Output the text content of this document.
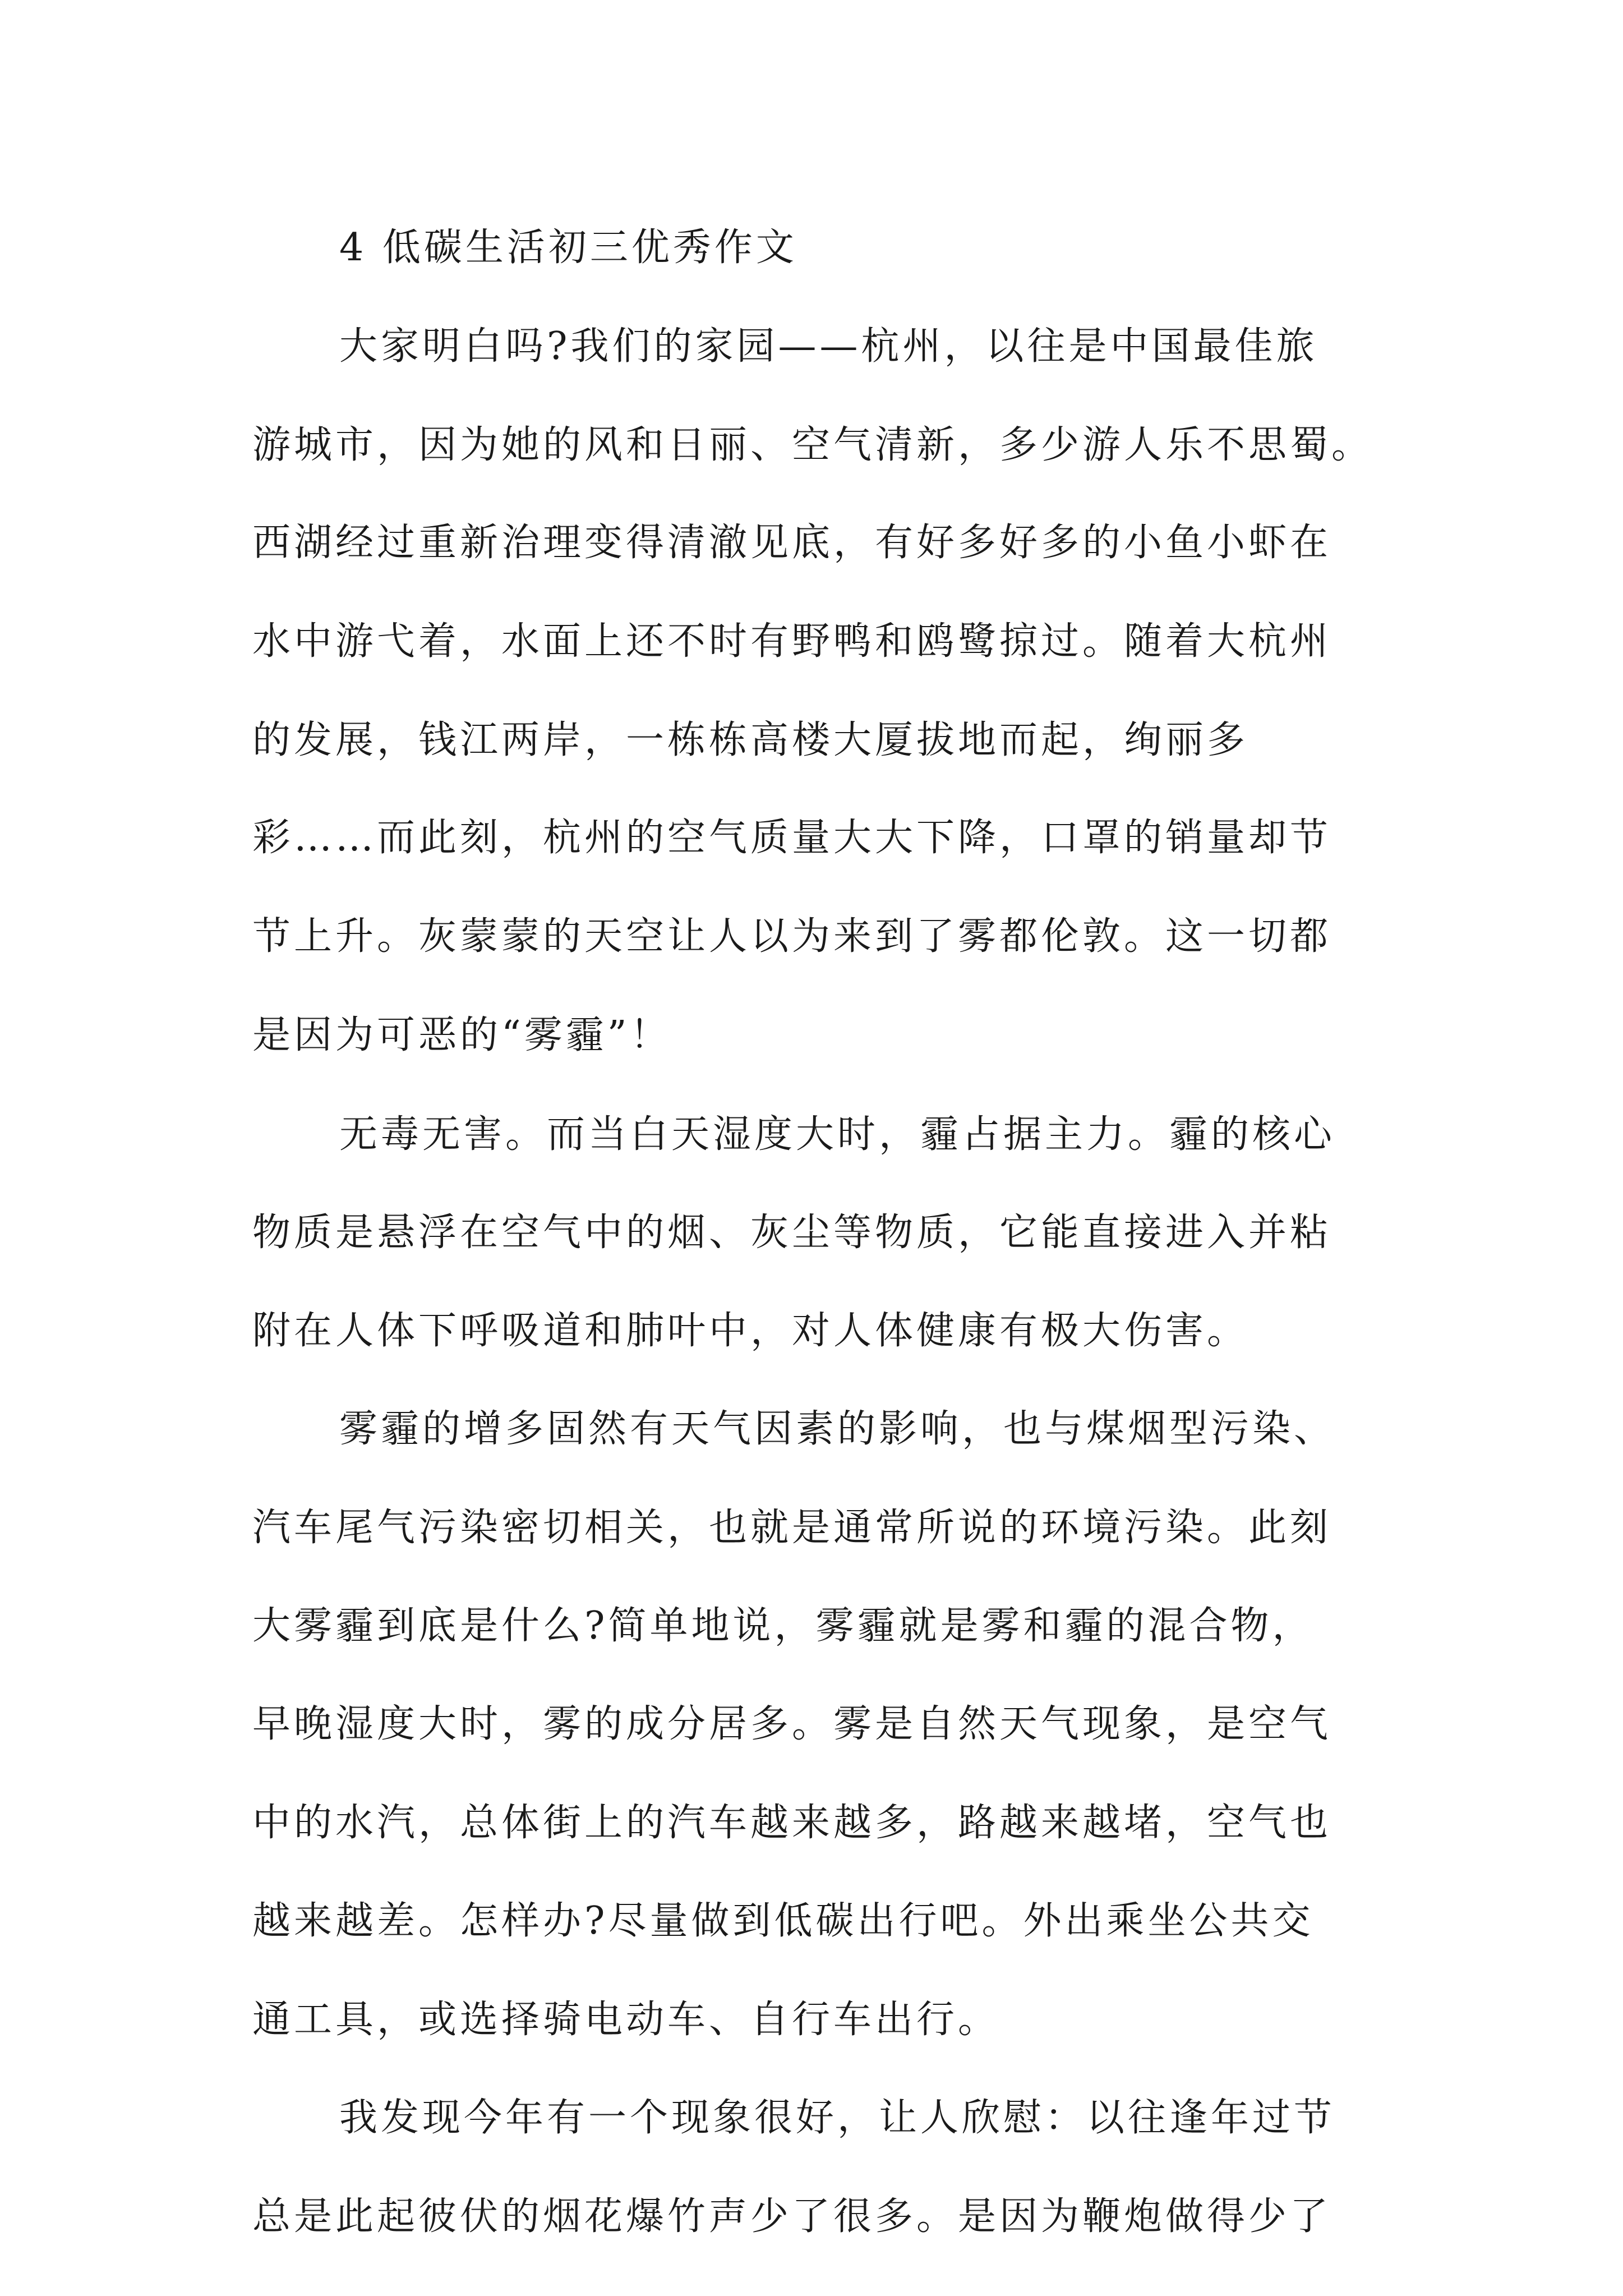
4 低碳生活初三优秀作文
大家明白吗?我们的家园——杭州，以往是中国最佳旅
游城市，因为她的风和日丽、空气清新，多少游人乐不思蜀。
西湖经过重新治理变得清澈见底，有好多好多的小鱼小虾在
水中游弋着，水面上还不时有野鸭和鸥鹭掠过。随着大杭州
的发展，钱江两岸，一栋栋高楼大厦拔地而起，绚丽多
彩……而此刻，杭州的空气质量大大下降，口罩的销量却节
节上升。灰蒙蒙的天空让人以为来到了雾都伦敦。这一切都
是因为可恶的“雾霾”！
无毒无害。而当白天湿度大时，霾占据主力。霾的核心
物质是悬浮在空气中的烟、灰尘等物质，它能直接进入并粘
附在人体下呼吸道和肺叶中，对人体健康有极大伤害。
雾霾的增多固然有天气因素的影响，也与煤烟型污染、
汽车尾气污染密切相关，也就是通常所说的环境污染。此刻
大雾霾到底是什么?简单地说，雾霾就是雾和霾的混合物，
早晚湿度大时，雾的成分居多。雾是自然天气现象，是空气
中的水汽，总体街上的汽车越来越多，路越来越堵，空气也
越来越差。怎样办?尽量做到低碳出行吧。外出乘坐公共交
通工具，或选择骑电动车、自行车出行。
我发现今年有一个现象很好，让人欣慰：以往逢年过节
总是此起彼伏的烟花爆竹声少了很多。是因为鞭炮做得少了
